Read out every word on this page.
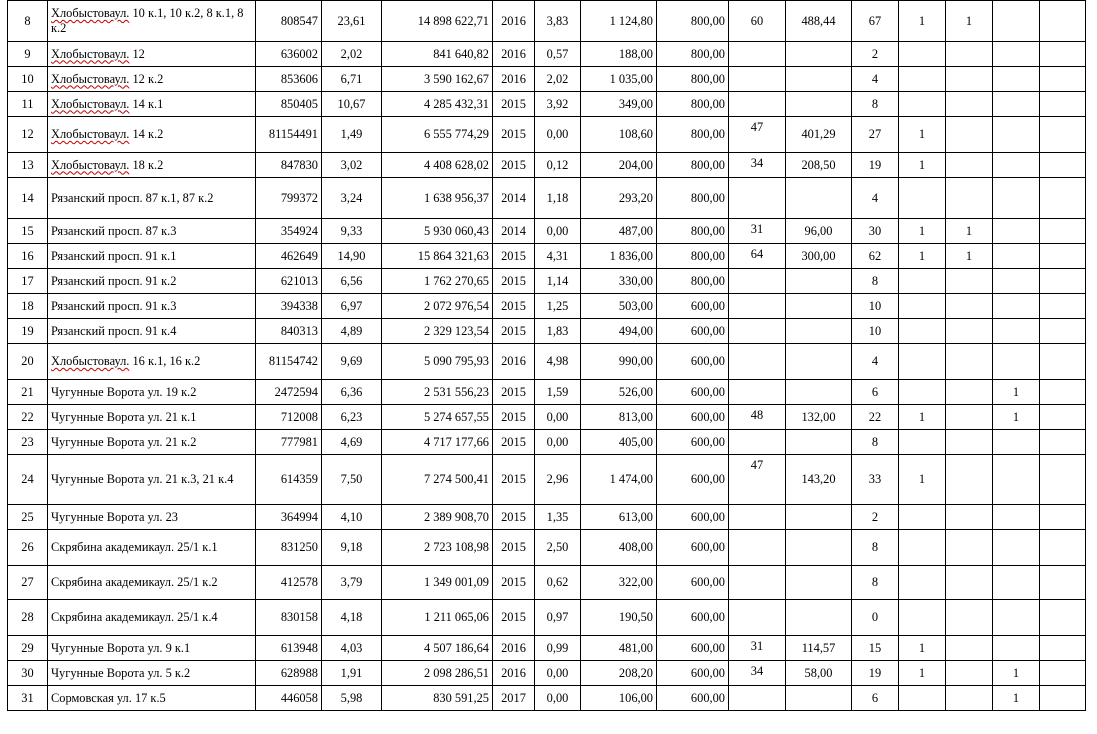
8	Хлобыстоваул. 10 к.1, 10 к.2, 8 к.1, 8 к.2	808547	23,61	14 898 622,71	2016	3,83	1 124,80	800,00	60	488,44	67	1	1		
9	Хлобыстоваул. 12	636002	2,02	841 640,82	2016	0,57	188,00	800,00			2				
10	Хлобыстоваул. 12 к.2	853606	6,71	3 590 162,67	2016	2,02	1 035,00	800,00			4				
11	Хлобыстоваул. 14 к.1	850405	10,67	4 285 432,31	2015	3,92	349,00	800,00			8				
12	Хлобыстоваул. 14 к.2	81154491	1,49	6 555 774,29	2015	0,00	108,60	800,00	47	401,29	27	1			
13	Хлобыстоваул. 18 к.2	847830	3,02	4 408 628,02	2015	0,12	204,00	800,00	34	208,50	19	1			
14	Рязанский просп. 87 к.1, 87 к.2	799372	3,24	1 638 956,37	2014	1,18	293,20	800,00			4				
15	Рязанский просп. 87 к.3	354924	9,33	5 930 060,43	2014	0,00	487,00	800,00	31	96,00	30	1	1		
16	Рязанский просп. 91 к.1	462649	14,90	15 864 321,63	2015	4,31	1 836,00	800,00	64	300,00	62	1	1		
17	Рязанский просп. 91 к.2	621013	6,56	1 762 270,65	2015	1,14	330,00	800,00			8				
18	Рязанский просп. 91 к.3	394338	6,97	2 072 976,54	2015	1,25	503,00	600,00			10				
19	Рязанский просп. 91 к.4	840313	4,89	2 329 123,54	2015	1,83	494,00	600,00			10				
20	Хлобыстоваул. 16 к.1, 16 к.2	81154742	9,69	5 090 795,93	2016	4,98	990,00	600,00			4				
21	Чугунные Ворота ул. 19 к.2	2472594	6,36	2 531 556,23	2015	1,59	526,00	600,00			6			1	
22	Чугунные Ворота ул. 21 к.1	712008	6,23	5 274 657,55	2015	0,00	813,00	600,00	48	132,00	22	1		1	
23	Чугунные Ворота ул. 21 к.2	777981	4,69	4 717 177,66	2015	0,00	405,00	600,00			8				
24	Чугунные Ворота ул. 21 к.3, 21 к.4	614359	7,50	7 274 500,41	2015	2,96	1 474,00	600,00	47	143,20	33	1			
25	Чугунные Ворота ул. 23	364994	4,10	2 389 908,70	2015	1,35	613,00	600,00			2				
26	Скрябина академикаул. 25/1 к.1	831250	9,18	2 723 108,98	2015	2,50	408,00	600,00			8				
27	Скрябина академикаул. 25/1 к.2	412578	3,79	1 349 001,09	2015	0,62	322,00	600,00			8				
28	Скрябина академикаул. 25/1 к.4	830158	4,18	1 211 065,06	2015	0,97	190,50	600,00			0				
29	Чугунные Ворота ул. 9 к.1	613948	4,03	4 507 186,64	2016	0,99	481,00	600,00	31	114,57	15	1			
30	Чугунные Ворота ул. 5 к.2	628988	1,91	2 098 286,51	2016	0,00	208,20	600,00	34	58,00	19	1		1	
31	Сормовская ул. 17 к.5	446058	5,98	830 591,25	2017	0,00	106,00	600,00			6			1	
